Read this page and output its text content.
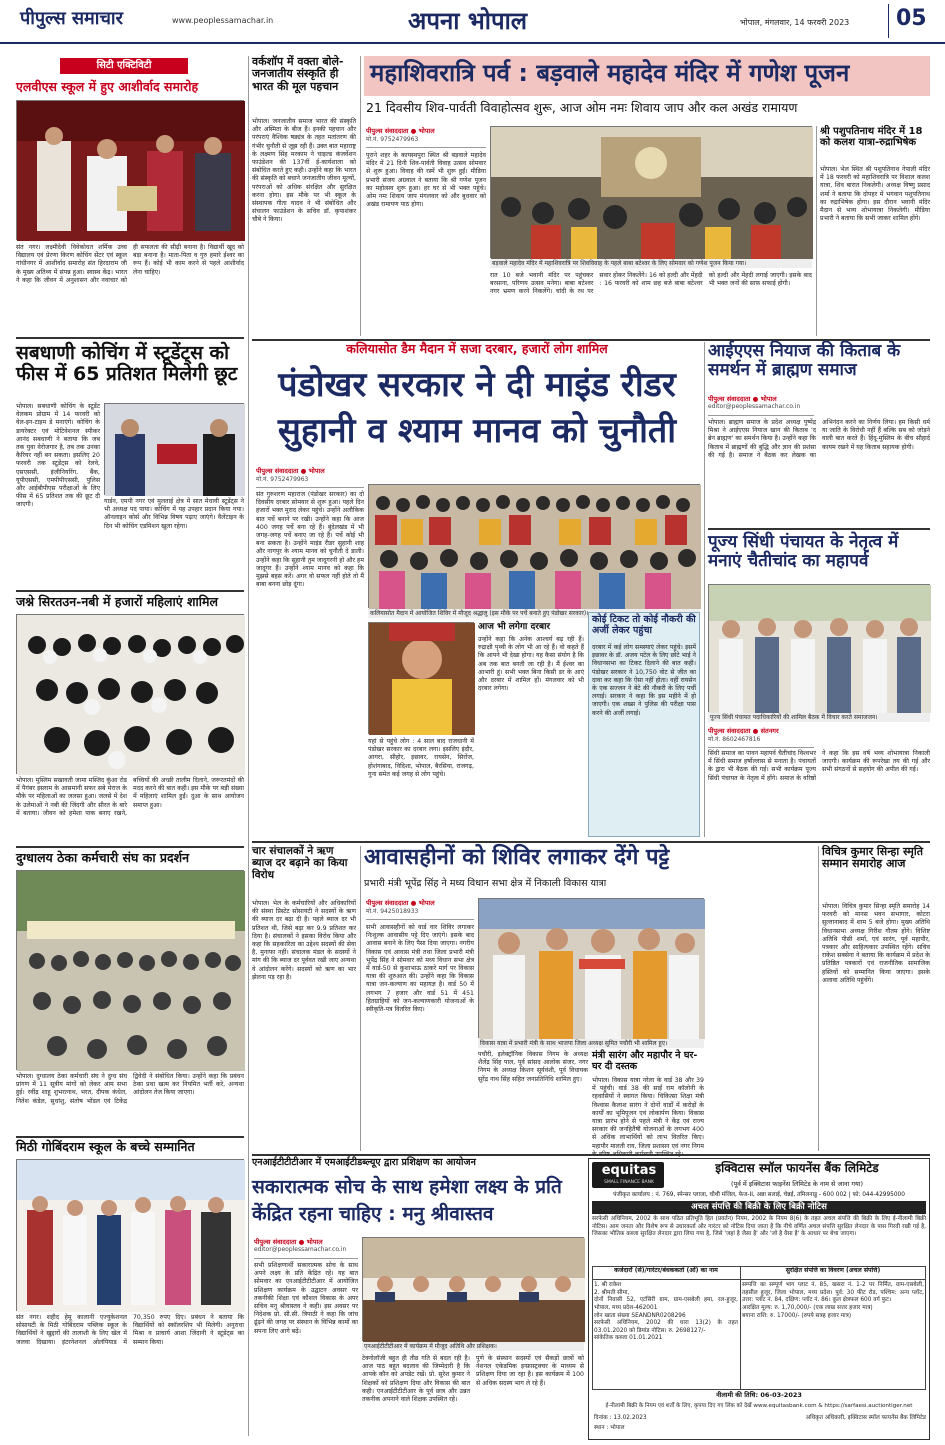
पीपुल्स समाचार	www.peoplessamachar.in	अपना भोपाल	भोपाल, मंगलवार, 14 फरवरी 2023 05
सिटी एक्टिविटी
एलवीएस स्कूल में हुए आशीर्वाद समारोह
संत नगर। लक्ष्मीदेवी विवेकोधत शर्मिक उच्च विद्यालय एवं प्रेरणा किरण कोचिंग सेंटर एवं स्कूल गांधीनगर में आशीर्वाद समारोह संत हिरदाराम जी के मुख्य अतिथ्य में संपन्न हुआ। स्वास्थ केंद्र। भारत ने कहा कि जीवन में अनुशासन और नवाचार को ही सफलता की सीढ़ी बनाना है। विद्यार्थी खूद को बड़ा बनाना है। माता-पिता व गुरु हमारे ईश्वर का रूप हैं। कोई भी काम करने से पहले आशीर्वाद लेना चाहिए।
सबधाणी कोचिंग में स्टूडेंट्स को फीस में 65 प्रतिशत मिलेगी छूट
भोपाल। सबधाणी कोचिंग के स्टूडेंट वेलकम प्रोग्राम में 14 फरवरी को वेल-इन-टाइम डे मनाएंगे। कोचिंग के डायरेक्टर एवं मोटिवेशनल स्पीकर आनंद सबधाणी ने बताया कि जब तक युवा वेरोजगार है, तब तक उनका कैरियर नहीं बन सकता। इसलिए 20 फरवरी तक स्टूडेंट्स को रेलवे, एसएससी, इंजीनियरिंग, बैंक, यूपीएससी, एमपीपीएससी, पुलिस और आईबीपीएस परीक्षाओं के लिए फीस में 65 प्रतिशत तक की छूट दी जाएगी।	गार्डन, एमपी नगर एवं मुलताई क्षेत्र में सात मेधावी स्टूडेंट्स ने भी अध्यक्ष पद पाया। कोचिंग में यह उपहार प्रदान किया गया। ऑनलाइन कोर्स और विभिन्न विषय पढ़ाए जाएंगे। वैलेंटाइन के दिन भी कोचिंग एडमिशन खुला रहेगा।
जश्ने सिरतउन-नबी में हजारों महिलाएं शामिल
भोपाल। मुस्लिम सखावती जामा मस्जिद कुंआ रोड में पैगंबर इस्लाम के आसमानी सफर सबे मेराज के मौके पर महिलाओं का जलसा हुआ। जलसे में देश के उलेमाओं ने नबी की जिंदगी और सीरत के बारे में बताया। जीवन को हमेशा पाक बनाए रखने, बच्चियों की अच्छी तालीम दिलाने, जरूरतमंदों की मदद करने की बात कही। इस मौके पर बड़ी संख्या में महिलाएं शामिल हुईं। दुआ के साथ आयोजन समाप्त हुआ।
दुग्धालय ठेका कर्मचारी संघ का प्रदर्शन
भोपाल। दुग्धालय ठेका कर्मचारी संघ ने दुग्ध संघ प्रांगण में 11 सूत्रीय मांगों को लेकर आम सभा हुई। रवींद्र शाहू शुभरत्नाथ, भरत, दीपक कंधेल, नितेश कंडेल, सुधांशु, संतोष भोंडल एवं टिकेंद्र द्विवेदी ने संबोधित किया। उन्होंने कहा कि प्रबंधन ठेका प्रथा खत्म कर नियमित भर्ती करे, अन्यथा आंदोलन तेज किया जाएगा।
मिठी गोबिंदराम स्कूल के बच्चे सम्मानित
संत नगर। शहीद हेमू कालानी एज्युकेशनल सोसायटी के मिठी गोबिंदराम पब्लिक स्कूल के विद्यार्थियों ने खुद्दारों की तालाशी के लिए खेल में जलवा दिखाया। इंटरनेशनल ओलंपियाड में 70,350 रुपए दिए। प्रबंधन ने बताया कि विद्यार्थियों को स्कॉलरशिप भी मिलेगी। अनुराधा मिश्रा व प्राचार्य आशा जिंदानी ने स्टूडेंट्स का सम्मान किया।
वर्कशॉप में वक्ता बोले- जनजातीय संस्कृति ही भारत की मूल पहचान
भोपाल। जनजातीय समाज भारत की संस्कृति और अस्मिता के बीज हैं। इनकी पहचान और परंपराएं वैश्विक षड्यंत्र के तहत मतांतरण की गंभीर चुनौती से जूझ रही हैं। उक्त बात महाराष्ट्र के लक्ष्मण सिंह मरकाम ने चाइल्ड कंजर्वेशन फाउंडेशन की 137वीं ई-कार्यशाला को संबोधित करते हुए कही। उन्होंने कहा कि भारत की संस्कृति को बचाने जनजातीय जीवन मूल्यों, परंपराओं को अधिक संरक्षित और सुरक्षित करना होगा। इस मौके पर भी स्कूल के संस्थापक गीता यादव ने भी संबोधित और संचालन फाउंडेशन के सचिव डॉ. कृपाशंकर चौबे ने किया।
महाशिवरात्रि पर्व : बड़वाले महादेव मंदिर में गणेश पूजन
21 दिवसीय शिव-पार्वती विवाहोत्सव शुरू, आज ओम नमः शिवाय जाप और कल अखंड रामायण
पीपुल्स संवाददाता ● भोपाल
मो.नं. 9752479963
पुराने शहर के कायस्थपुरा स्थित श्री बड़वाले महादेव मंदिर में 21 दिनी शिव-पार्वती विवाह उत्सव सोमवार से शुरू हुआ। विवाह की रस्में भी शुरू हुईं। मीडिया प्रभारी संजय अग्रवाल ने बताया कि श्री गणेश पूजन का महोत्सव शुरू हुआ। हर घर से भी भक्त पहुंचे। ओम नमः शिवाय जाप मंगलवार को और बुधवार को अखंड रामायण पाठ होगा।
बड़वाले महादेव मंदिर में महाशिवरात्रि पर शिवविवाह के पहले बाबा बटेश्वर के लिए सोमवार को गणेश पूजन किया गया।
रात 10 बजे भवानी मंदिर पर पहुंचकर बरसाना, परिणय उत्सव मनेगा। बाबा बटेश्वर नगर भ्रमण करने निकलेंगे। चांदी के रथ पर सवार होकर निकलेंगे। 16 को हल्दी और मेंहदी : 16 फरवरी को शाम छह बजे बाबा बटेश्वर को हल्दी और मेंहदी लगाई जाएगी। इसके बाद भी भक्त जनों की साफ़ सफाई होगी।
श्री पशुपतिनाथ मंदिर में 18 को कलश यात्रा-रुद्राभिषेक
भोपाल। भेल स्थित श्री पशुपतिनाथ नेपाली मंदिर में 18 फरवरी को महाशिवरात्रि पर विशाल कलश यात्रा, शिव बारात निकलेगी। अध्यक्ष विष्णु प्रसाद शर्मा ने बताया कि दोपहर में भगवान पशुपतिनाथ का रुद्राभिषेक होगा। इस दौरान भवानी मंदिर मैदान से भव्य शोभायात्रा निकलेगी। मीडिया प्रभारी ने बताया कि सभी जाकर शामिल होंगे।
कलियासोत डैम मैदान में सजा दरबार, हजारों लोग शामिल
पंडोखर सरकार ने दी माइंड रीडर सुहानी व श्याम मानव को चुनौती
पीपुल्स संवाददाता ● भोपाल
मो.नं. 9752479963
संत गुरुशरण महाराज (पंडोखर सरकार) का दो दिवसीय दरबार सोमवार से शुरू हुआ। पहले दिन हजारों भक्त मुराद लेकर पहुंचे। उन्होंने अलौकिक बात पर्चे बनाने पर रखी। उन्होंने कहा कि आज 400 जगह पर्चे बना रहे हैं। बुंदेलखंड में भी जगह-जगह पर्चे बनाए जा रहे हैं। पर्चे कोई भी बना सकता है। उन्होंने माइंड रीडर सुहानी शाह और नागपुर के श्याम मानव को चुनौती दे डाली। उन्होंने कहा कि सुहानी तुम जादूगरनी हो और हम जादूगर हैं। उन्होंने श्याम मानव को कहा कि मुझसे बहस करें। अगर वो सफल नहीं होते तो मैं बाबा बनना छोड़ दूंगा।
कलियासोत मैदान में आयोजित शिविर में मौजूद श्रद्धालु (इस मौके पर पर्चे बनाते हुए पंडोखर सरकार)।
यहां से पहुंचे लोग : 4 साल बाद राजधानी में पंडोखर सरकार का दरबार लगा। इसलिए इंदौर, आगरा, सीहोर, इछावर, रायसेन, सिरोंज, होशंगाबाद, विदिशा, भोपाल, बैरसिया, राजगढ़, गुना समेत कई जगह से लोग पहुंचे।
आज भी लगेगा दरबार
उन्होंने कहा कि अनेक आश्चर्य बढ़ रही हैं। रुद्राक्षी पृथ्वी के लोग भी आ रहे हैं। वो कहते हैं कि आपने भी देखा होगा। यह कैसा संयोग है कि अब तक बात बनती जा रही है। मैं ईश्वर का आभारी हूं। सभी भक्त बिना किसी डर के आएं और दरबार में शामिल हों। मंगलवार को भी दरबार लगेगा।
कोई टिकट तो कोई नौकरी की अर्जी लेकर पहुंचा
दरबार में कई लोग समस्याएं लेकर पहुंचे। इसमें इछावर के डॉ. अजय पटेल के लिए छोटे भाई ने विधानसभा का टिकट दिलाने की बात कही। पंडोखर सरकार ने 10,750 वोट से जीत का दावा कर कहा कि ऐसा नहीं होता। वहीं रायसेन के एक सज्जन ने बेटे की नौकरी के लिए पर्ची लगाई। सरकार ने कहा कि इस महीने में हो जाएगी। एक शख्स ने पुलिस की परीक्षा पास करने की अर्जी लगाई।
आईएएस नियाज की किताब के समर्थन में ब्राह्मण समाज
पीपुल्स संवाददाता ● भोपाल
editor@peoplessamachar.co.in
भोपाल। ब्राह्मण समाज के प्रदेश अध्यक्ष पुष्पेंद्र मिश्रा ने आईएएस नियाज खान की किताब 'द ब्रेन ब्राह्मण' का समर्थन किया है। उन्होंने कहा कि किताब में ब्राह्मणों की बुद्धि और ज्ञान की प्रशंसा की गई है। समाज ने बैठक कर लेखक का अभिनंदन करने का निर्णय लिया। हम किसी धर्म या जाति के विरोधी नहीं हैं बल्कि सब को जोड़ने वाली बात करते हैं। हिंदू-मुस्लिम के बीच सौहार्द कायम रखने में यह किताब सहायक होगी।
पूज्य सिंधी पंचायत के नेतृत्व में मनाएं चैतीचांद का महापर्व
पूज्य सिंधी पंचायत पदाधिकारियों की शामिल बैठक में विचार करते समाजजन।
पीपुल्स संवाददाता ● संतनगर
मो.नं. 8602467816
सिंधी समाज का पावन महापर्व चैतीचांद विश्वभर में सिंधी समाज हर्षोल्लास से मनाता है। पंचायतों के द्वारा भी बैठक की गई। सभी कार्यक्रम पूज्य सिंधी पंचायत के नेतृत्व में होंगे। समाज के वरिष्ठों ने कहा कि इस वर्ष भव्य शोभायात्रा निकाली जाएगी। कार्यक्रम की रूपरेखा तय की गई और सभी संगठनों से सहयोग की अपील की गई।
चार संचालकों ने ऋण ब्याज दर बढ़ाने का किया विरोध
भोपाल। भेल के कर्मचारियों और अधिकारियों की संस्था प्रिस्टेट सोसायटी ने सदस्यों के ऋण की ब्याज दर बढ़ा दी है। पहले ब्याज दर भी प्रतिशत थी, जिसे बढ़ा कर 9.9 प्रतिशत कर दिया है। संचालकों ने इसका विरोध किया और कहा कि सहकारिता का उद्देश्य सदस्यों की सेवा है, मुनाफा नहीं। संचालक मंडल के सदस्यों ने मांग की कि ब्याज दर पूर्ववत रखी जाए अन्यथा वे आंदोलन करेंगे। सदस्यों को ऋण का भार झेलना पड़ रहा है।
आवासहीनों को शिविर लगाकर देंगे पट्टे
प्रभारी मंत्री भूपेंद्र सिंह ने मध्य विधान सभा क्षेत्र में निकाली विकास यात्रा
पीपुल्स संवाददाता ● भोपाल
मो.नं. 9425018933
सभी आवासहीनों को वार्ड वार शिविर लगाकर निःशुल्क आवासीय पट्टे दिए जाएंगे। इसके बाद आवास बनाने के लिए पैसा दिया जाएगा। नगरीय विकास एवं आवास मंत्री तथा जिला प्रभारी मंत्री भूपेंद्र सिंह ने सोमवार को मध्य विधान सभा क्षेत्र में वार्ड-50 से कुशाभाऊ ठाकरे मार्ग पर विकास यात्रा की शुरुआत की। उन्होंने कहा कि विकास यात्रा जन-कल्याण का महायज्ञ है। वार्ड 50 में लगभग 7 हजार और वार्ड 51 में 451 हितग्राहियों को जन-कल्याणकारी योजनाओं के स्वीकृति-पत्र वितरित किए।
विकास यात्रा में प्रभारी मंत्री के साथ भाजपा जिला अध्यक्ष सुमित पचौरी भी शामिल हुए।
पचौरी, इलेक्ट्रॉनिक विकास निगम के अध्यक्ष शैलेंद्र सिंह पाल, पूर्व सांसद आलोक संजर, नगर निगम के अध्यक्ष किशन सूर्यवंशी, पूर्व विधायक सुरेंद्र नाथ सिंह सहित जनप्रतिनिधि शामिल हुए।
मंत्री सारंग और महापौर ने घर-घर दी दस्तक
भोपाल। विकास यात्रा नरेला के वार्ड 38 और 39 में पहुंची। वार्ड 38 की साईं राम कॉलोनी के रहवासियों ने स्वागत किया। चिकित्सा शिक्षा मंत्री विश्वास कैलाश सारंग ने दोनों वार्डों में करोड़ों के कार्यों का भूमिपूजन एवं लोकार्पण किया। विकास यात्रा प्रारंभ होने से पहले मंत्री ने केंद्र एवं राज्य सरकार की जनहितैषी योजनाओं के लगभग 400 से अधिक लाभार्थियों को लाभ वितरित किए। महापौर मालती राय, जिला प्रशासन एवं नगर निगम
विचित्र कुमार सिन्हा स्मृति सम्मान समारोह आज
भोपाल। विचित्र कुमार सिन्हा स्मृति समारोह 14 फरवरी को मानस भवन सभागार, कोटरा सुल्तानाबाद में शाम 5 बजे होगा। मुख्य अतिथि विधानसभा अध्यक्ष गिरीश गौतम होंगे। विशिष्ट अतिथि पीसी शर्मा, एवं सारंग, पूर्व महापौर, पत्रकार और साहित्यकार उपस्थित रहेंगे। सचिव राकेश सक्सेना ने बताया कि कार्यक्रम में प्रदेश के प्रतिष्ठित पत्रकारों एवं राजनीतिक सामाजिक हस्तियों को सम्मानित किया जाएगा। इसके अलावा अतिथि पहुंचेंगे।
एनआईटीटीटीआर में एमआईटीडब्ल्यूए द्वारा प्रशिक्षण का आयोजन
सकारात्मक सोच के साथ हमेशा लक्ष्य के प्रति केंद्रित रहना चाहिए : मनु श्रीवास्तव
पीपुल्स संवाददाता ● भोपाल
editor@peoplessamachar.co.in
सभी प्रशिक्षणार्थी सकारात्मक सोच के साथ अपने लक्ष्य के प्रति केंद्रित रहें। यह बात सोमवार का एनआईटीटीटीआर में आयोजित प्रशिक्षण कार्यक्रम के उद्घाटन अवसर पर तकनीकी शिक्षा एवं कौशल विकास के अपर सचिव मनु श्रीवास्तव ने कही। इस अवसर पर निदेशक प्रो. सी.सी. त्रिपाठी ने कहा कि जांच ढूंढ़ने की जगह पर संस्थान के विभिन्न कामों का सपना लिए आगे बढ़ें।
एनआईटीटीटीआर में कार्यक्रम में मौजूद अतिथि और प्रशिक्षक।
टेक्नोलॉजी बहुत ही तीव्र गति से बदल रही है। आज पाठ बहुत बदलाव की जिम्मेदारी है कि आपके कौन को अपडेट रखें। प्रो. सुरेश कुमार ने शिक्षकों को प्रशिक्षण दिया और विकास की बात कही। एनआईटीटीटीआर के पूर्व छात्र और उन्नत तकनीक अपनाने वाले शिक्षक उपस्थित रहे।
पुणे के संस्थान सदस्यों एवं सैकड़ों छात्रों को नेशनल एकेडमिक इन्फ्रास्ट्रक्चर के माध्यम से प्रशिक्षण दिया जा रहा है। इस कार्यक्रम में 100 से अधिक सदस्य भाग ले रहे हैं।
equitas
SMALL FINANCE BANK
इक्विटास स्मॉल फायनेंस बैंक लिमिटेड
(पूर्व में इक्विटास फाइनेंस लिमिटेड के नाम से जाना गया)
पंजीकृत कार्यालय : नं. 769, स्पेन्सर प्लाजा, चौथी मंजिल, फेज-II, अन्ना सलाई, चेन्नई, तमिलनाडु - 600 002 | फो: 044-42995000
अचल संपत्ति की बिक्री के लिए बिक्री नोटिस
सरफेसी अधिनियम, 2002 के साथ पठित प्रतिभूति हित (प्रवर्तन) नियम, 2002 के नियम 8(6) के तहत अचल संपत्ति की बिक्री के लिए ई-नीलामी बिक्री नोटिस। आम जनता और विशेष रूप से उधारकर्ता और गारंटर को नोटिस दिया जाता है कि नीचे वर्णित अचल संपत्ति सुरक्षित लेनदार के पास गिरवी रखी गई है, जिसका भौतिक कब्जा सुरक्षित लेनदार द्वारा लिया गया है, जिसे 'जहां है जैसा है' और 'जो है वैसा है' के आधार पर बेचा जाएगा।
कर्जदारों (से)/गारंटर/बंधककर्ता (ओं) का नाम	सुरक्षित संपत्ति का विवरण (अचल संपत्ति)
1. श्री राकेश
2. श्रीमती सीमा,
दोनों निवासी 52, एटंसिरी ग्राम, ग्राम-एसबेली हमा, रल-हुजूर, भोपाल, मध्य प्रदेश-462001
लोन खाता संख्या SEANDNR0208296
सरफेसी अधिनियम, 2002 की धारा 13(2) के तहत 03.01.2020 को डिमांड नोटिस। रु. 2698127/-
सांकेतिक कब्जा 01.01.2021
सम्पत्ति का सम्पूर्ण भाग प्लाट नं. 85, खसरा नं. 1-2 पर निर्मित, ग्राम-एसबेली, तहसील हुजूर, जिला भोपाल, मध्य प्रदेश। पूर्व: 30 फीट रोड, पश्चिम: अन्य प्लॉट, उत्तर: प्लॉट नं. 84, दक्षिण: प्लॉट नं. 86। कुल क्षेत्रफल 600 वर्ग फुट।
आरक्षित मूल्य: रु. 1,70,000/- (एक लाख सत्तर हजार मात्र)
बयाना राशि: रु. 17000/- (रुपये सत्रह हजार मात्र)
नीलामी की तिथि: 06-03-2023
ई-नीलामी बिक्री के नियम एवं शर्तों के लिए, कृपया दिए गए लिंक को देखें www.equitasbank.com & https://sarfaesi.auctiontiger.net
दिनांक : 13.02.2023
स्थान : भोपाल
अधिकृत अधिकारी, इक्विटास स्मॉल फायनेंस बैंक लिमिटेड
